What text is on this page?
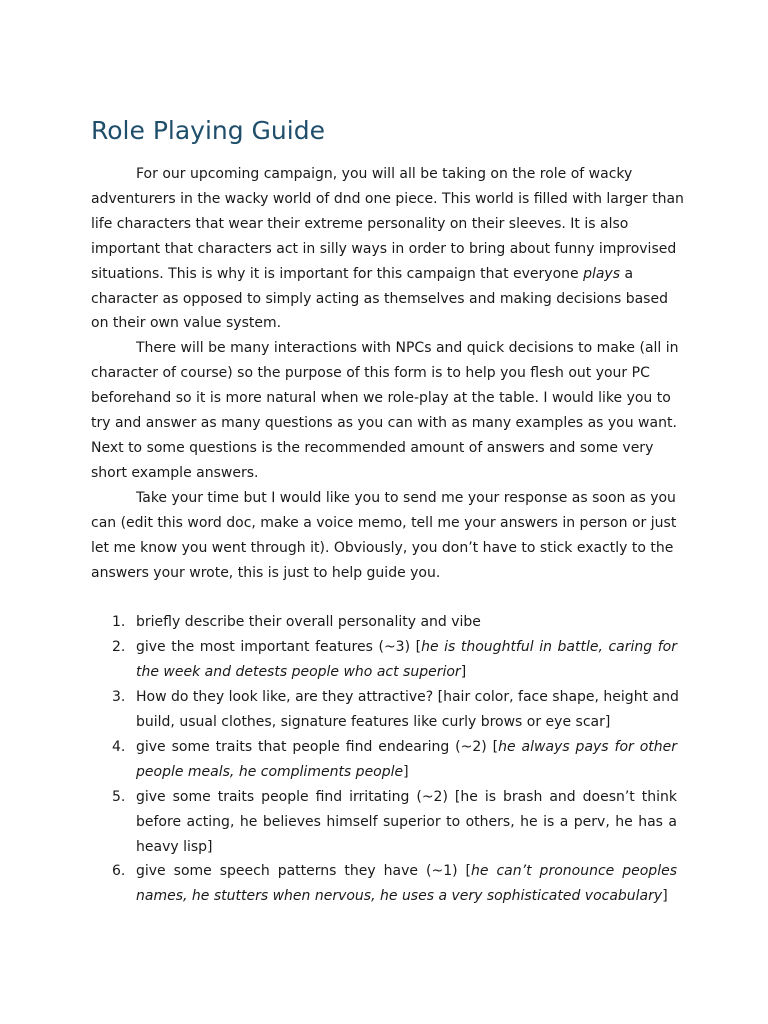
Role Playing Guide

For our upcoming campaign, you will all be taking on the role of wacky
adventurers in the wacky world of dnd one piece. This world is filled with larger than
life characters that wear their extreme personality on their sleeves. It is also
important that characters act in silly ways in order to bring about funny improvised
situations. This is why it is important for this campaign that everyone plays a
character as opposed to simply acting as themselves and making decisions based
on their own value system.

There will be many interactions with NPCs and quick decisions to make (all in
character of course) so the purpose of this form is to help you flesh out your PC
beforehand so it is more natural when we role-play at the table. I would like you to
try and answer as many questions as you can with as many examples as you want.
Next to some questions is the recommended amount of answers and some very
short example answers.

Take your time but I would like you to send me your response as soon as you
can (edit this word doc, make a voice memo, tell me your answers in person or just
let me know you went through it). Obviously, you don’t have to stick exactly to the
answers your wrote, this is just to help guide you.

1. briefly describe their overall personality and vibe
2. give the most important features (~3) [he is thoughtful in battle, caring for
the week and detests people who act superior]
3. How do they look like, are they attractive? [hair color, face shape, height and
build, usual clothes, signature features like curly brows or eye scar]
4. give some traits that people find endearing (~2) [he always pays for other
people meals, he compliments people]
5. give some traits people find irritating (~2) [he is brash and doesn’t think
before acting, he believes himself superior to others, he is a perv, he has a
heavy lisp]
6. give some speech patterns they have (~1) [he can’t pronounce peoples
names, he stutters when nervous, he uses a very sophisticated vocabulary]
